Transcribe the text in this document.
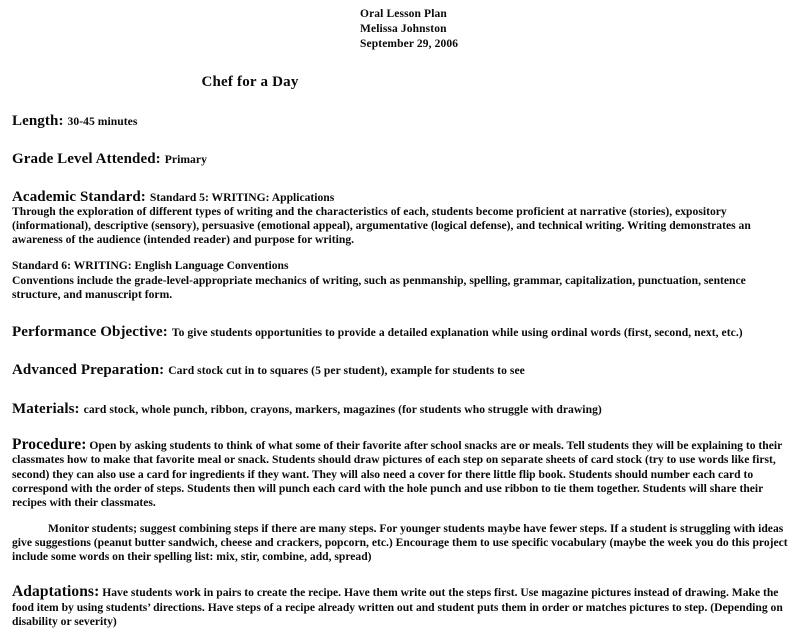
Oral Lesson Plan
Melissa Johnston
September 29, 2006
Chef for a Day
Length: 30-45 minutes
Grade Level Attended: Primary
Academic Standard: Standard 5: WRITING: Applications

Through the exploration of different types of writing and the characteristics of each, students become proficient at narrative (stories), expository (informational), descriptive (sensory), persuasive (emotional appeal), argumentative (logical defense), and technical writing. Writing demonstrates an awareness of the audience (intended reader) and purpose for writing.

Standard 6: WRITING: English Language Conventions

Conventions include the grade-level-appropriate mechanics of writing, such as penmanship, spelling, grammar, capitalization, punctuation, sentence structure, and manuscript form.

Performance Objective: To give students opportunities to provide a detailed explanation while using ordinal words (first, second, next, etc.)
Advanced Preparation: Card stock cut in to squares (5 per student), example for students to see
Materials: card stock, whole punch, ribbon, crayons, markers, magazines (for students who struggle with drawing)

Procedure: Open by asking students to think of what some of their favorite after school snacks are or meals. Tell students they will be explaining to their classmates how to make that favorite meal or snack. Students should draw pictures of each step on separate sheets of card stock (try to use words like first, second) they can also use a card for ingredients if they want. They will also need a cover for there little flip book. Students should number each card to correspond with the order of steps. Students then will punch each card with the hole punch and use ribbon to tie them together. Students will share their recipes with their classmates.

Monitor students; suggest combining steps if there are many steps. For younger students maybe have fewer steps. If a student is struggling with ideas give suggestions (peanut butter sandwich, cheese and crackers, popcorn, etc.) Encourage them to use specific vocabulary (maybe the week you do this project include some words on their spelling list: mix, stir, combine, add, spread)

Adaptations: Have students work in pairs to create the recipe. Have them write out the steps first. Use magazine pictures instead of drawing. Make the food item by using students’ directions. Have steps of a recipe already written out and student puts them in order or matches pictures to step. (Depending on disability or severity)
